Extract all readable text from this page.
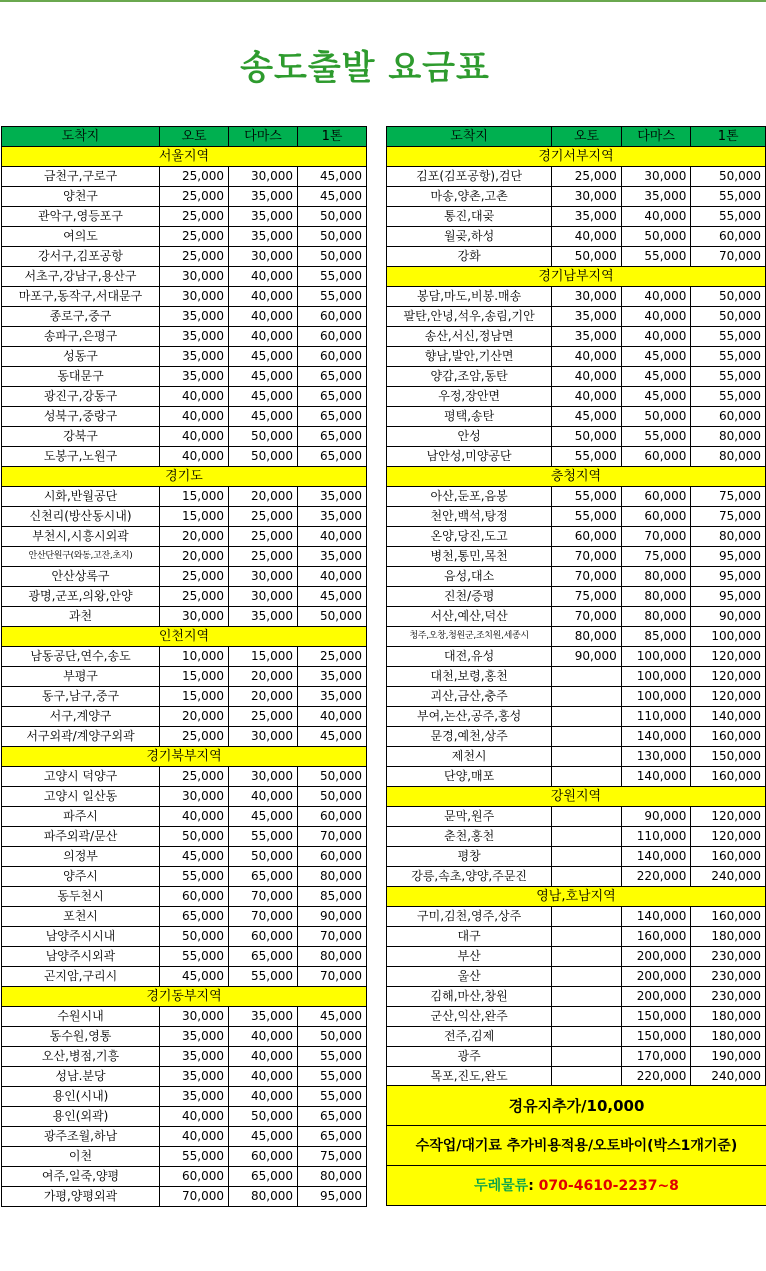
송도출발 요금표
도착지	오토	다마스	1톤
서울지역			
금천구,구로구	25,000	30,000	45,000
양천구	25,000	35,000	45,000
관악구,영등포구	25,000	35,000	50,000
여의도	25,000	35,000	50,000
강서구,김포공항	25,000	30,000	50,000
서초구,강남구,용산구	30,000	40,000	55,000
마포구,동작구,서대문구	30,000	40,000	55,000
종로구,중구	35,000	40,000	60,000
송파구,은평구	35,000	40,000	60,000
성동구	35,000	45,000	60,000
동대문구	35,000	45,000	65,000
광진구,강동구	40,000	45,000	65,000
성북구,중랑구	40,000	45,000	65,000
강북구	40,000	50,000	65,000
도봉구,노원구	40,000	50,000	65,000
경기도			
시화,반월공단	15,000	20,000	35,000
신천리(방산동시내)	15,000	25,000	35,000
부천시,시흥시외곽	20,000	25,000	40,000
안산단원구(와동,고잔,초지)	20,000	25,000	35,000
안산상록구	25,000	30,000	40,000
광명,군포,의왕,안양	25,000	30,000	45,000
과천	30,000	35,000	50,000
인천지역			
남동공단,연수,송도	10,000	15,000	25,000
부평구	15,000	20,000	35,000
동구,남구,중구	15,000	20,000	35,000
서구,계양구	20,000	25,000	40,000
서구외곽/계양구외곽	25,000	30,000	45,000
경기북부지역			
고양시 덕양구	25,000	30,000	50,000
고양시 일산동	30,000	40,000	50,000
파주시	40,000	45,000	60,000
파주외곽/문산	50,000	55,000	70,000
의정부	45,000	50,000	60,000
양주시	55,000	65,000	80,000
동두천시	60,000	70,000	85,000
포천시	65,000	70,000	90,000
남양주시시내	50,000	60,000	70,000
남양주시외곽	55,000	65,000	80,000
곤지암,구리시	45,000	55,000	70,000
경기동부지역			
수원시내	30,000	35,000	45,000
동수원,영통	35,000	40,000	50,000
오산,병점,기흥	35,000	40,000	55,000
성남.분당	35,000	40,000	55,000
용인(시내)	35,000	40,000	55,000
용인(외곽)	40,000	50,000	65,000
광주조월,하남	40,000	45,000	65,000
이천	55,000	60,000	75,000
여주,일죽,양평	60,000	65,000	80,000
가평,양평외곽	70,000	80,000	95,000
도착지	오토	다마스	1톤
경기서부지역			
김포(김포공항),검단	25,000	30,000	50,000
마송,양촌,고촌	30,000	35,000	55,000
통진,대곶	35,000	40,000	55,000
월곶,하성	40,000	50,000	60,000
강화	50,000	55,000	70,000
경기남부지역			
봉담,마도,비봉.매송	30,000	40,000	50,000
팔탄,안녕,석우,송림,기안	35,000	40,000	50,000
송산,서신,정남면	35,000	40,000	55,000
향남,발안,기산면	40,000	45,000	55,000
양감,조암,동탄	40,000	45,000	55,000
우정,장안면	40,000	45,000	55,000
평택,송탄	45,000	50,000	60,000
안성	50,000	55,000	80,000
남안성,미양공단	55,000	60,000	80,000
충청지역			
아산,둔포,음봉	55,000	60,000	75,000
천안,백석,탕정	55,000	60,000	75,000
온양,당진,도고	60,000	70,000	80,000
병천,통민,목천	70,000	75,000	95,000
음성,대소	70,000	80,000	95,000
진천/증평	75,000	80,000	95,000
서산,예산,덕산	70,000	80,000	90,000
청주,오창,청원군,조치원,세종시	80,000	85,000	100,000
대전,유성	90,000	100,000	120,000
대천,보령,홍천		100,000	120,000
괴산,금산,충주		100,000	120,000
부여,논산,공주,홍성		110,000	140,000
문경,예천,상주		140,000	160,000
제천시		130,000	150,000
단양,매포		140,000	160,000
강원지역			
문막,원주		90,000	120,000
춘천,홍천		110,000	120,000
평창		140,000	160,000
강릉,속초,양양,주문진		220,000	240,000
영남,호남지역			
구미,김천,영주,상주		140,000	160,000
대구		160,000	180,000
부산		200,000	230,000
울산		200,000	230,000
김해,마산,창원		200,000	230,000
군산,익산,완주		150,000	180,000
전주,김제		150,000	180,000
광주		170,000	190,000
목포,진도,완도		220,000	240,000
경유지추가/10,000
수작업/대기료 추가비용적용/오토바이(박스1개기준)
두레물류: 070-4610-2237~8
